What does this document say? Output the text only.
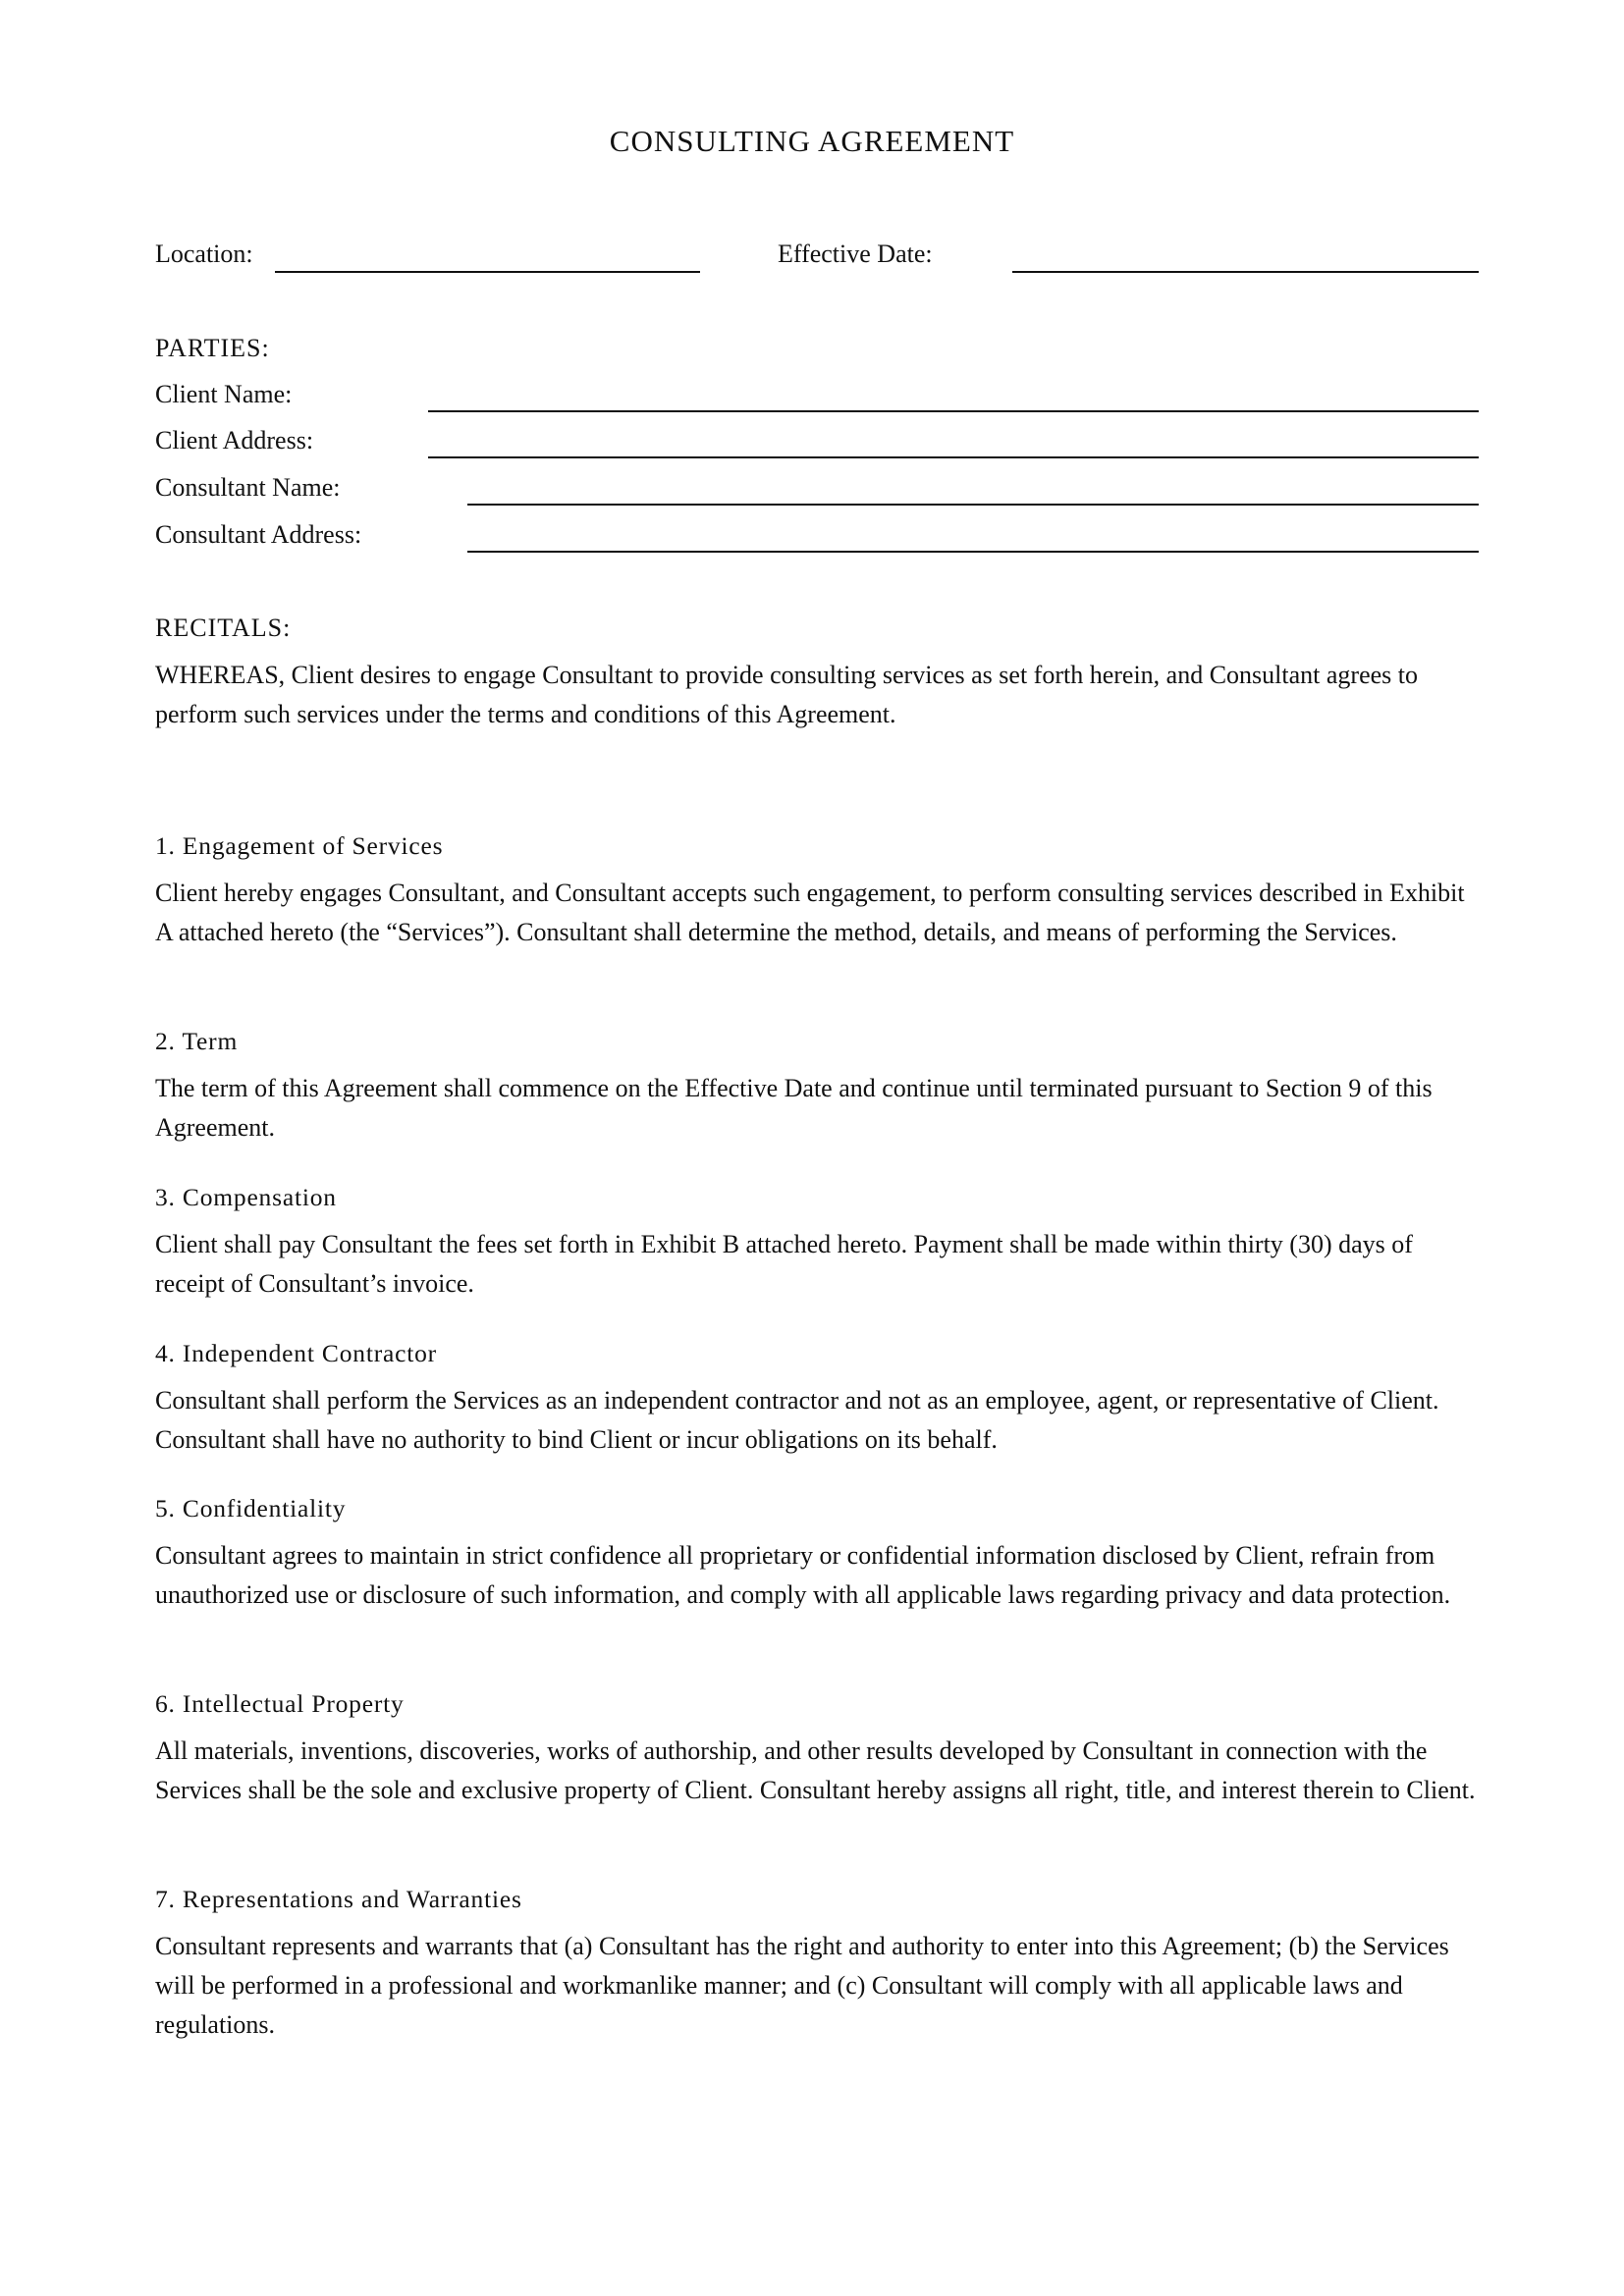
CONSULTING AGREEMENT
Location:	Effective Date:
PARTIES:
Client Name:
Client Address:
Consultant Name:
Consultant Address:
RECITALS:
WHEREAS, Client desires to engage Consultant to provide consulting services as set forth herein, and Consultant agrees to perform such services under the terms and conditions of this Agreement.
1. Engagement of Services
Client hereby engages Consultant, and Consultant accepts such engagement, to perform consulting services described in Exhibit A attached hereto (the “Services”). Consultant shall determine the method, details, and means of performing the Services.
2. Term
The term of this Agreement shall commence on the Effective Date and continue until terminated pursuant to Section 9 of this Agreement.
3. Compensation
Client shall pay Consultant the fees set forth in Exhibit B attached hereto. Payment shall be made within thirty (30) days of receipt of Consultant’s invoice.
4. Independent Contractor
Consultant shall perform the Services as an independent contractor and not as an employee, agent, or representative of Client. Consultant shall have no authority to bind Client or incur obligations on its behalf.
5. Confidentiality
Consultant agrees to maintain in strict confidence all proprietary or confidential information disclosed by Client, refrain from unauthorized use or disclosure of such information, and comply with all applicable laws regarding privacy and data protection.
6. Intellectual Property
All materials, inventions, discoveries, works of authorship, and other results developed by Consultant in connection with the Services shall be the sole and exclusive property of Client. Consultant hereby assigns all right, title, and interest therein to Client.
7. Representations and Warranties
Consultant represents and warrants that (a) Consultant has the right and authority to enter into this Agreement; (b) the Services will be performed in a professional and workmanlike manner; and (c) Consultant will comply with all applicable laws and regulations.
